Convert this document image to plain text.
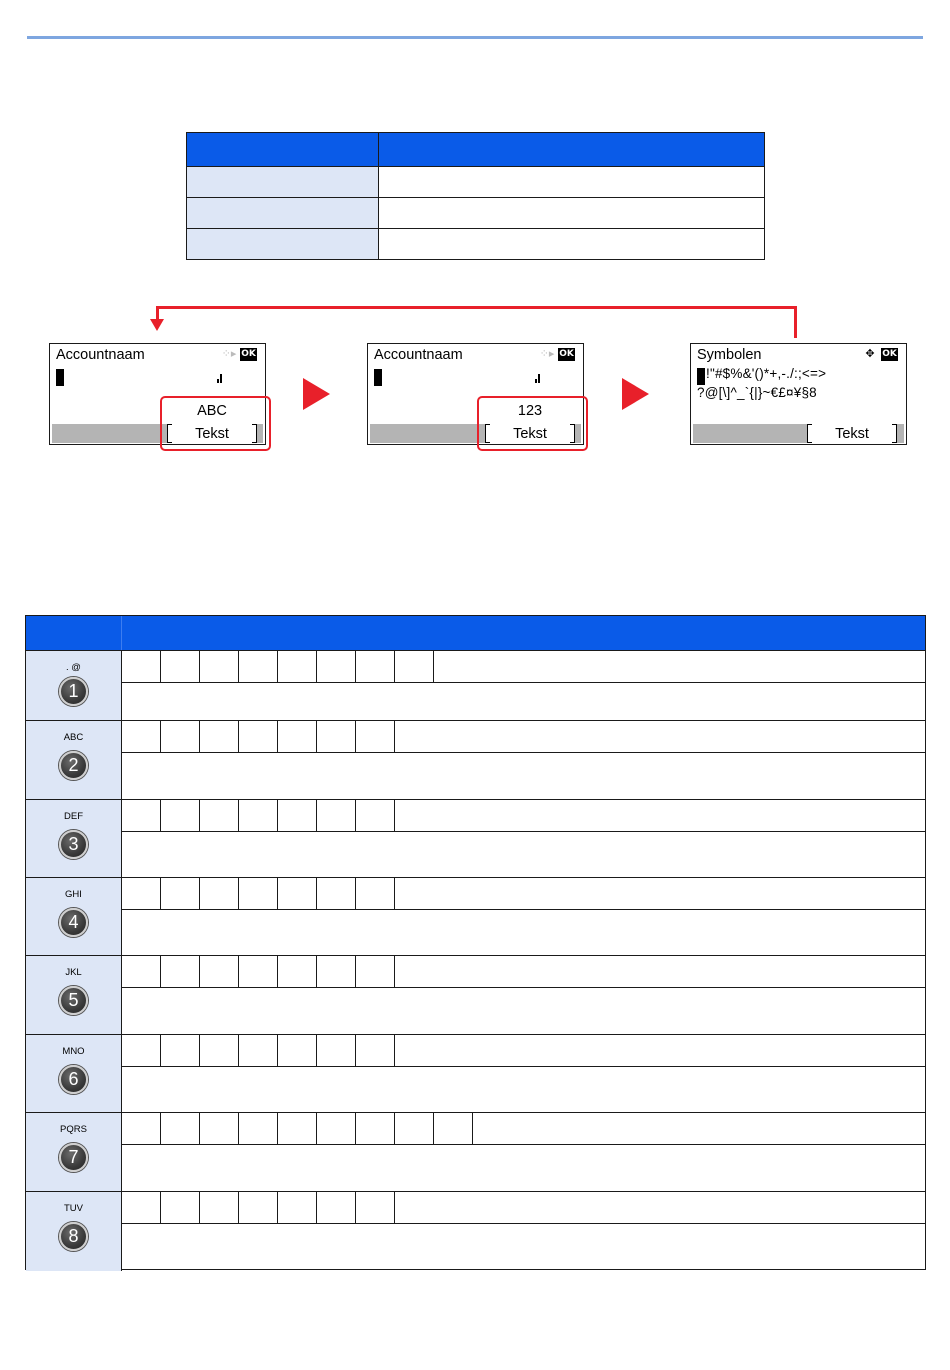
Accountnaam	⁘▸ OK
ABC
Tekst
Accountnaam	⁘▸ OK
123
Tekst
Symbolen	✥ OK
!"#$%&'()*+,-./:;<=>
?@[\]^_`{|}~€£¤¥§8
Tekst
. @
1
ABC
2
DEF
3
GHI
4
JKL
5
MNO
6
PQRS
7
TUV
8
